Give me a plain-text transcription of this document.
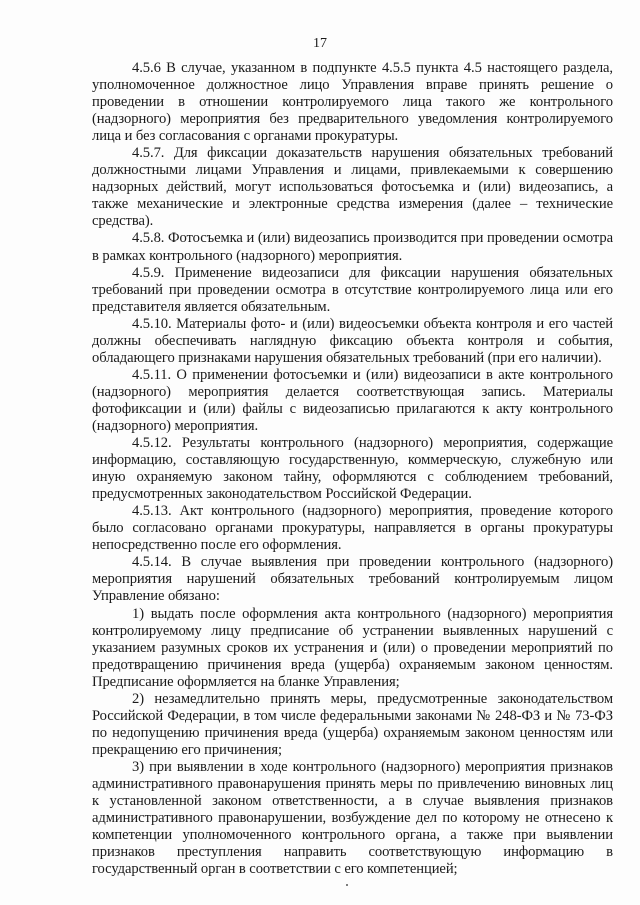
17

4.5.6 В случае, указанном в подпункте 4.5.5 пункта 4.5 настоящего раздела, уполномоченное должностное лицо Управления вправе принять решение о проведении в отношении контролируемого лица такого же контрольного (надзорного) мероприятия без предварительного уведомления контролируемого лица и без согласования с органами прокуратуры.

4.5.7. Для фиксации доказательств нарушения обязательных требований должностными лицами Управления и лицами, привлекаемыми к совершению надзорных действий, могут использоваться фотосъемка и (или) видеозапись, а также механические и электронные средства измерения (далее – технические средства).

4.5.8. Фотосъемка и (или) видеозапись производится при проведении осмотра в рамках контрольного (надзорного) мероприятия.

4.5.9. Применение видеозаписи для фиксации нарушения обязательных требований при проведении осмотра в отсутствие контролируемого лица или его представителя является обязательным.

4.5.10. Материалы фото- и (или) видеосъемки объекта контроля и его частей должны обеспечивать наглядную фиксацию объекта контроля и события, обладающего признаками нарушения обязательных требований (при его наличии).

4.5.11. О применении фотосъемки и (или) видеозаписи в акте контрольного (надзорного) мероприятия делается соответствующая запись. Материалы фотофиксации и (или) файлы с видеозаписью прилагаются к акту контрольного (надзорного) мероприятия.

4.5.12. Результаты контрольного (надзорного) мероприятия, содержащие информацию, составляющую государственную, коммерческую, служебную или иную охраняемую законом тайну, оформляются с соблюдением требований, предусмотренных законодательством Российской Федерации.

4.5.13. Акт контрольного (надзорного) мероприятия, проведение которого было согласовано органами прокуратуры, направляется в органы прокуратуры непосредственно после его оформления.

4.5.14. В случае выявления при проведении контрольного (надзорного) мероприятия нарушений обязательных требований контролируемым лицом Управление обязано:

1) выдать после оформления акта контрольного (надзорного) мероприятия контролируемому лицу предписание об устранении выявленных нарушений с указанием разумных сроков их устранения и (или) о проведении мероприятий по предотвращению причинения вреда (ущерба) охраняемым законом ценностям. Предписание оформляется на бланке Управления;

2) незамедлительно принять меры, предусмотренные законодательством Российской Федерации, в том числе федеральными законами № 248-ФЗ и № 73-ФЗ по недопущению причинения вреда (ущерба) охраняемым законом ценностям или прекращению его причинения;

3) при выявлении в ходе контрольного (надзорного) мероприятия признаков административного правонарушения принять меры по привлечению виновных лиц к установленной законом ответственности, а в случае выявления признаков административного правонарушении, возбуждение дел по которому не отнесено к компетенции уполномоченного контрольного органа, а также при выявлении признаков преступления направить соответствующую информацию в государственный орган в соответствии с его компетенцией;
